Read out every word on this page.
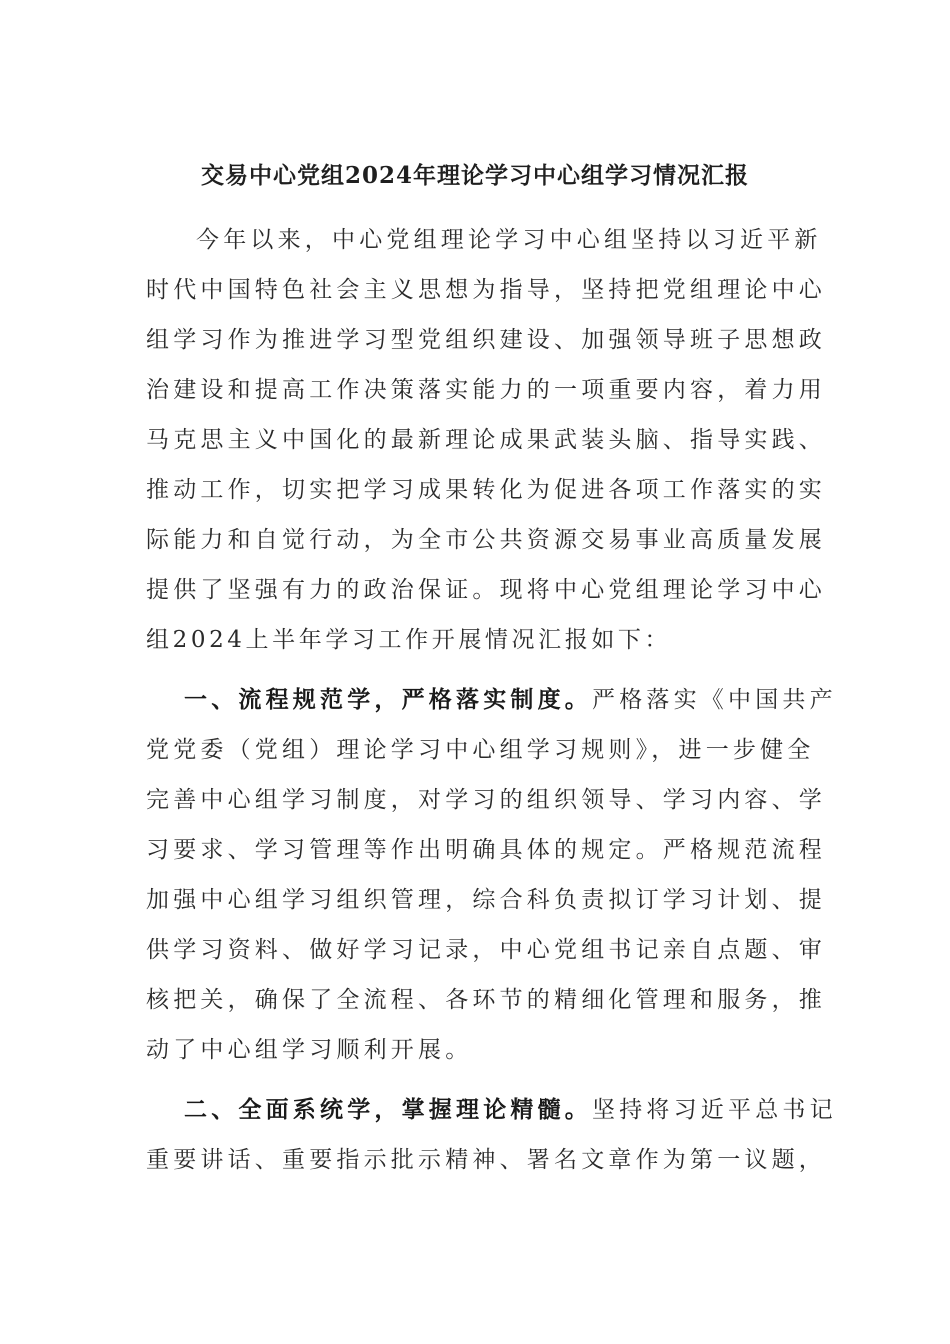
交易中心党组2024年理论学习中心组学习情况汇报

今年以来，中心党组理论学习中心组坚持以习近平新

时代中国特色社会主义思想为指导，坚持把党组理论中心

组学习作为推进学习型党组织建设、加强领导班子思想政

治建设和提高工作决策落实能力的一项重要内容，着力用

马克思主义中国化的最新理论成果武装头脑、指导实践、

推动工作，切实把学习成果转化为促进各项工作落实的实

际能力和自觉行动，为全市公共资源交易事业高质量发展

提供了坚强有力的政治保证。现将中心党组理论学习中心

组2024上半年学习工作开展情况汇报如下：

一、流程规范学，严格落实制度。严格落实《中国共产

党党委（党组）理论学习中心组学习规则》，进一步健全

完善中心组学习制度，对学习的组织领导、学习内容、学

习要求、学习管理等作出明确具体的规定。严格规范流程

加强中心组学习组织管理，综合科负责拟订学习计划、提

供学习资料、做好学习记录，中心党组书记亲自点题、审

核把关，确保了全流程、各环节的精细化管理和服务，推

动了中心组学习顺利开展。

二、全面系统学，掌握理论精髓。坚持将习近平总书记

重要讲话、重要指示批示精神、署名文章作为第一议题，
